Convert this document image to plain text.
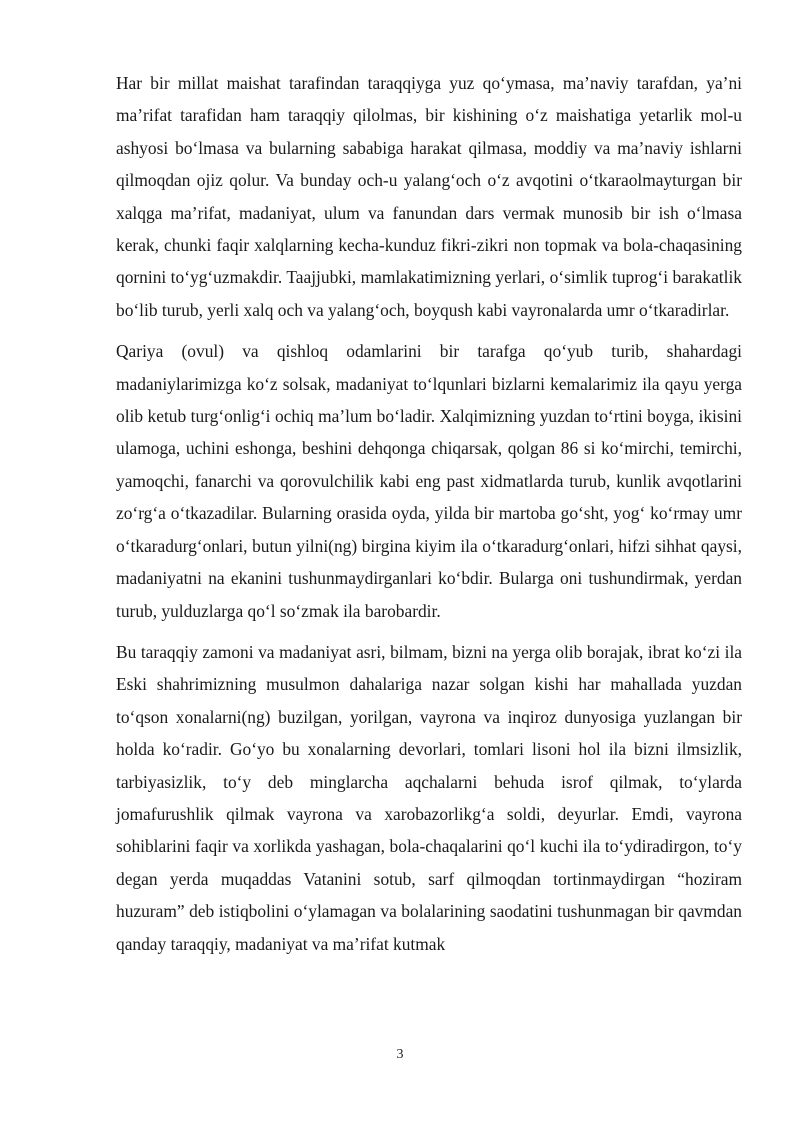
Har bir millat maishat tarafindan taraqqiyga yuz qo‘ymasa, ma’naviy tarafdan, ya’ni ma’rifat tarafidan ham taraqqiy qilolmas, bir kishining o‘z maishatiga yetarlik mol-u ashyosi bo‘lmasa va bularning sababiga harakat qilmasa, moddiy va ma’naviy ishlarni qilmoqdan ojiz qolur. Va bunday och-u yalang‘och o‘z avqotini o‘tkaraolmayturgan bir xalqga ma’rifat, madaniyat, ulum va fanundan dars vermak munosib bir ish o‘lmasa kerak, chunki faqir xalqlarning kecha-kunduz fikri-zikri non topmak va bola-chaqasining qornini to‘yg‘uzmakdir. Taajjubki, mamlakatimizning yerlari, o‘simlik tuprog‘i barakatlik bo‘lib turub, yerli xalq och va yalang‘och, boyqush kabi vayronalarda umr o‘tkaradirlar.

Qariya (ovul) va qishloq odamlarini bir tarafga qo‘yub turib, shahardagi madaniylarimizga ko‘z solsak, madaniyat to‘lqunlari bizlarni kemalarimiz ila qayu yerga olib ketub turg‘onlig‘i ochiq ma’lum bo‘ladir. Xalqimizning yuzdan to‘rtini boyga, ikisini ulamoga, uchini eshonga, beshini dehqonga chiqarsak, qolgan 86 si ko‘mirchi, temirchi, yamoqchi, fanarchi va qorovulchilik kabi eng past xidmatlarda turub, kunlik avqotlarini zo‘rg‘a o‘tkazadilar. Bularning orasida oyda, yilda bir martoba go‘sht, yog‘ ko‘rmay umr o‘tkaradurg‘onlari, butun yilni(ng) birgina kiyim ila o‘tkaradurg‘onlari, hifzi sihhat qaysi, madaniyatni na ekanini tushunmaydirganlari ko‘bdir. Bularga oni tushundirmak, yerdan turub, yulduzlarga qo‘l so‘zmak ila barobardir.

Bu taraqqiy zamoni va madaniyat asri, bilmam, bizni na yerga olib borajak, ibrat ko‘zi ila Eski shahrimizning musulmon dahalariga nazar solgan kishi har mahallada yuzdan to‘qson xonalarni(ng) buzilgan, yorilgan, vayrona va inqiroz dunyosiga yuzlangan bir holda ko‘radir. Go‘yo bu xonalarning devorlari, tomlari lisoni hol ila bizni ilmsizlik, tarbiyasizlik, to‘y deb minglarcha aqchalarni behuda isrof qilmak, to‘ylarda jomafurushlik qilmak vayrona va xarobazorlikg‘a soldi, deyurlar. Emdi, vayrona sohiblarini faqir va xorlikda yashagan, bola-chaqalarini qo‘l kuchi ila to‘ydiradirgon, to‘y degan yerda muqaddas Vatanini sotub, sarf qilmoqdan tortinmaydirgan “hoziram huzuram” deb istiqbolini o‘ylamagan va bolalarining saodatini tushunmagan bir qavmdan qanday taraqqiy, madaniyat va ma’rifat kutmak

3
